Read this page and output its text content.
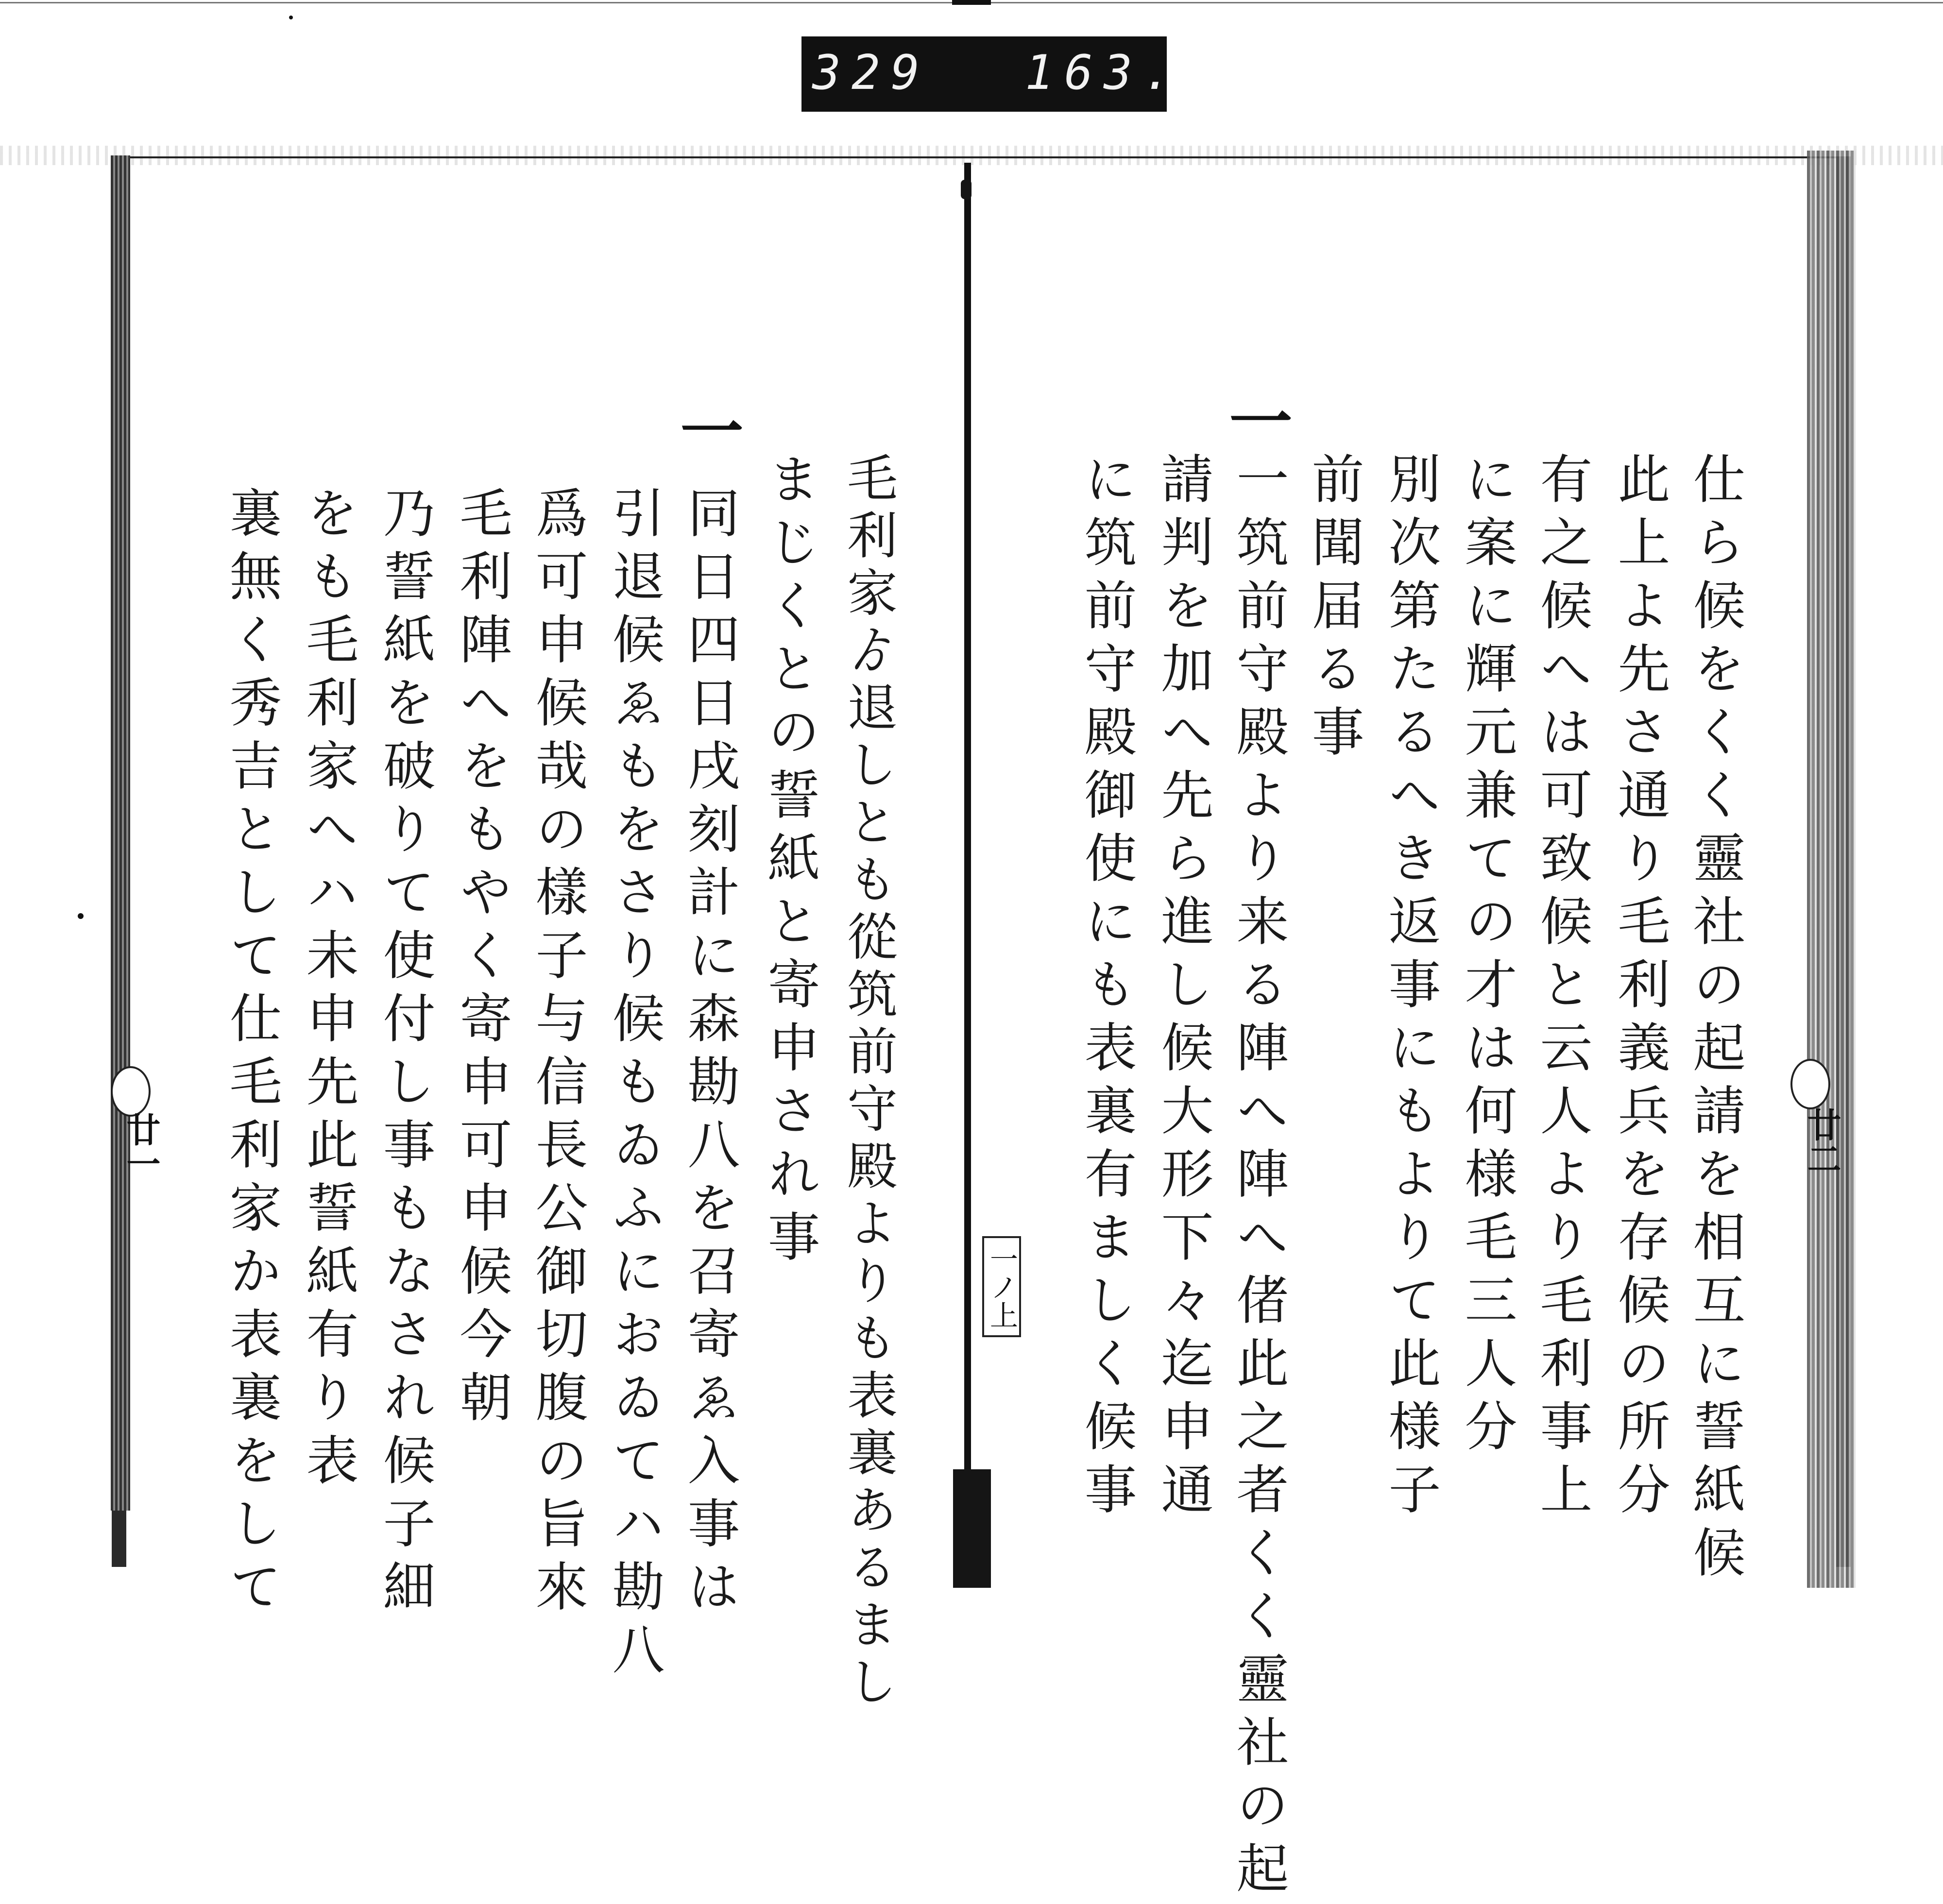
329 163.
一
毛利家ゟ退しとも從筑前守殿よりも表裏あるまし
まじくとの誓紙と寄申され事
同日四日戌刻計に森勘八を召寄ゑ入事は
引退候ゑもをさり候もゐふにおゐてハ勘八
爲可申候哉の樣子与信長公御切腹の旨來
毛利陣へをもやく寄申可申候今朝
乃誓紙を破りて使付し事もなされ候子細
をも毛利家へハ未申先此誓紙有り表
裏無く秀吉として仕毛利家か表裏をして
廿一
一
仕ら候をくく靈社の起請を相互に誓紙候
此上よ先さ通り毛利義兵を存候の所分
有之候へは可致候と云人より毛利事上
に案に輝元兼ての才は何様毛三人分
別次第たるへき返事にもよりて此様子
前聞届る事
一筑前守殿より来る陣へ陣へ偖此之者くく靈社の起
請判を加へ先ら進し候大形下々迄申通
に筑前守殿御使にも表裏有ましく候事
一ノ上
廿二
